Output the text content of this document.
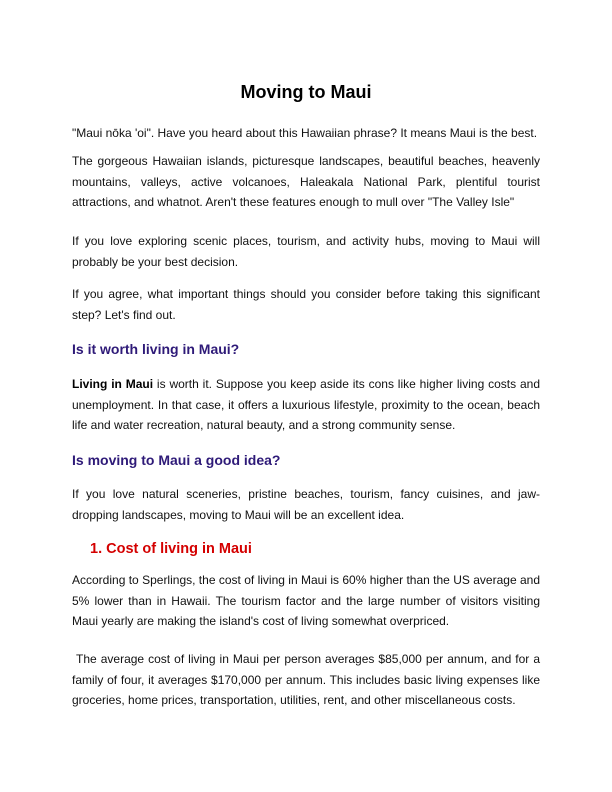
Moving to Maui

"Maui nōka 'oi". Have you heard about this Hawaiian phrase? It means Maui is the best.

The gorgeous Hawaiian islands, picturesque landscapes, beautiful beaches, heavenly mountains, valleys, active volcanoes, Haleakala National Park, plentiful tourist attractions, and whatnot. Aren't these features enough to mull over "The Valley Isle"

If you love exploring scenic places, tourism, and activity hubs, moving to Maui will probably be your best decision.

If you agree, what important things should you consider before taking this significant step? Let's find out.

Is it worth living in Maui?

Living in Maui is worth it. Suppose you keep aside its cons like higher living costs and unemployment. In that case, it offers a luxurious lifestyle, proximity to the ocean, beach life and water recreation, natural beauty, and a strong community sense.

Is moving to Maui a good idea?

If you love natural sceneries, pristine beaches, tourism, fancy cuisines, and jaw-dropping landscapes, moving to Maui will be an excellent idea.

1. Cost of living in Maui

According to Sperlings, the cost of living in Maui is 60% higher than the US average and 5% lower than in Hawaii. The tourism factor and the large number of visitors visiting Maui yearly are making the island's cost of living somewhat overpriced.

The average cost of living in Maui per person averages $85,000 per annum, and for a family of four, it averages $170,000 per annum. This includes basic living expenses like groceries, home prices, transportation, utilities, rent, and other miscellaneous costs.
